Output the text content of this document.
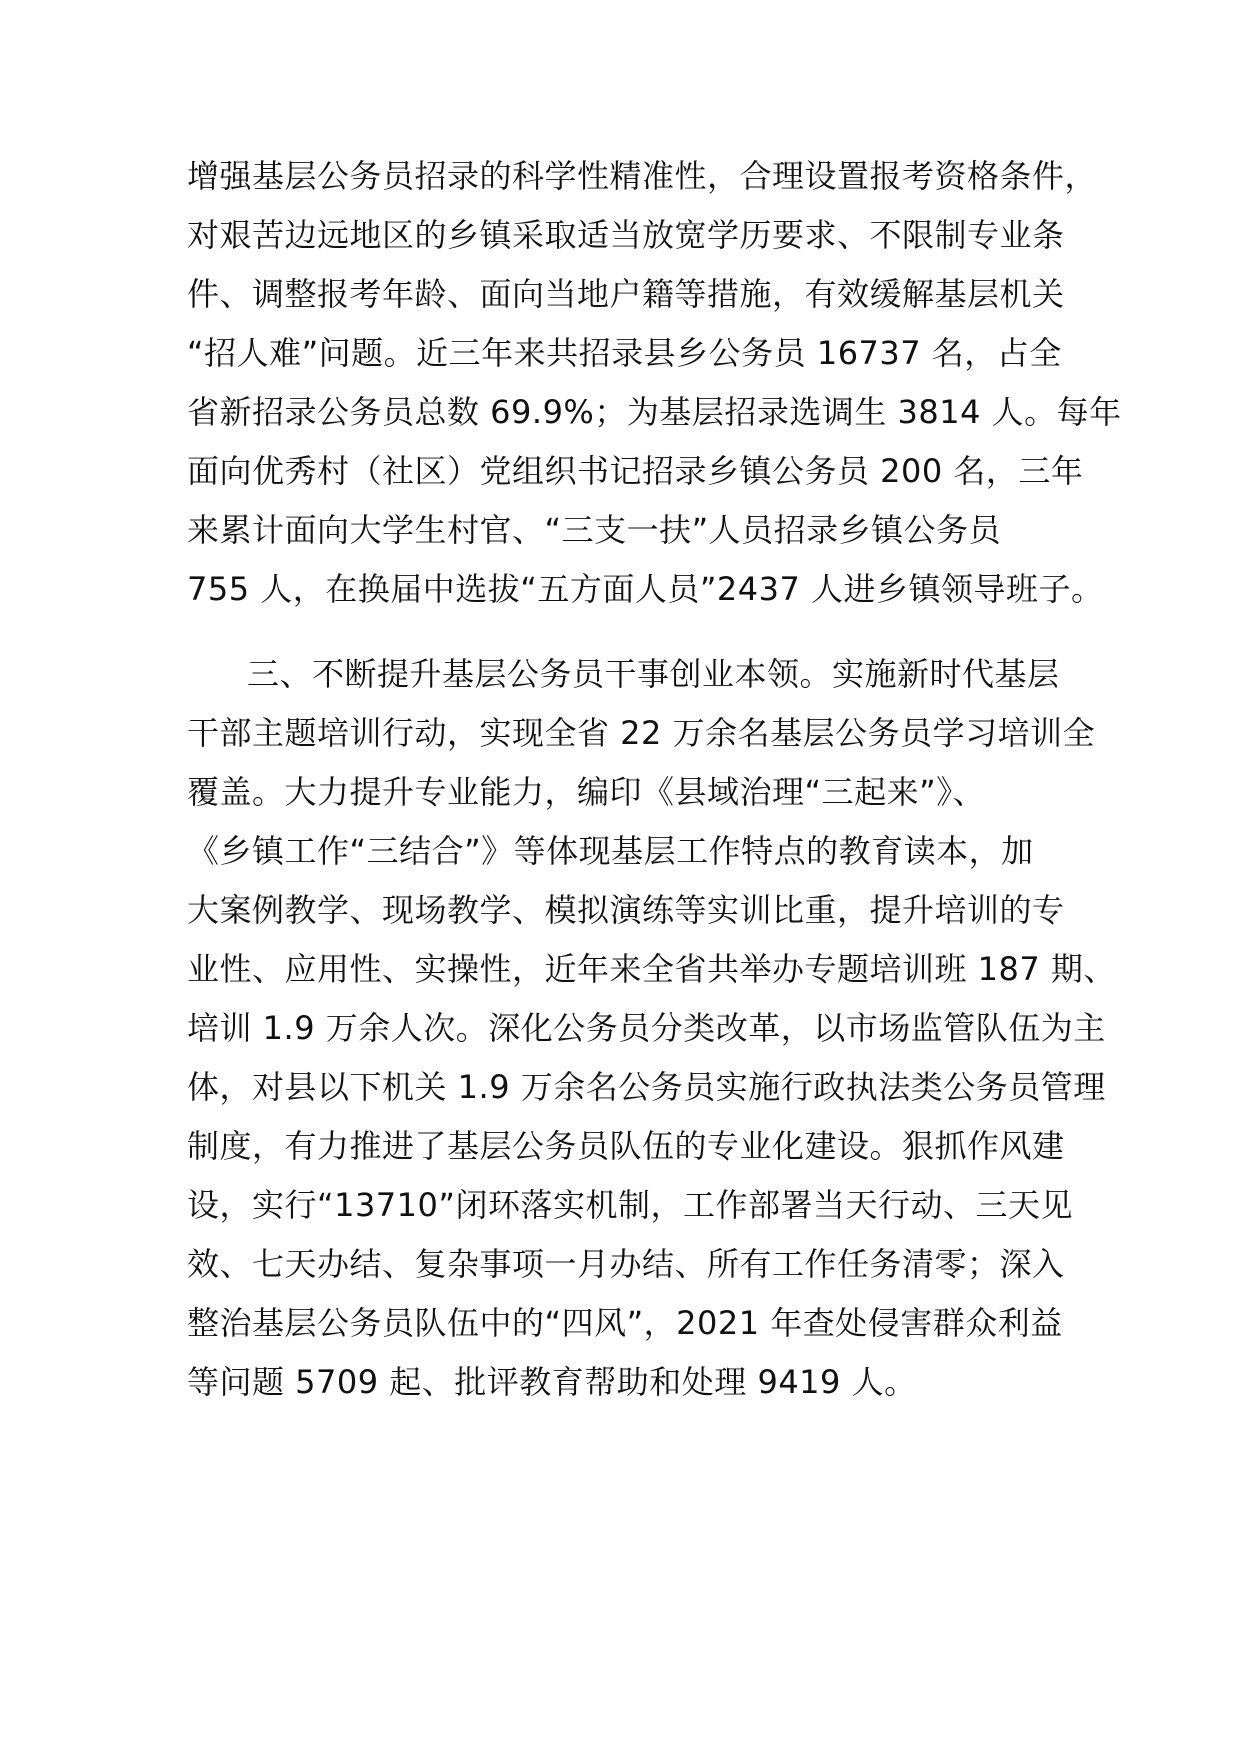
增强基层公务员招录的科学性精准性，合理设置报考资格条件，

对艰苦边远地区的乡镇采取适当放宽学历要求、不限制专业条

件、调整报考年龄、面向当地户籍等措施，有效缓解基层机关

“招人难”问题。近三年来共招录县乡公务员 16737 名，占全

省新招录公务员总数 69.9%；为基层招录选调生 3814 人。每年

面向优秀村（社区）党组织书记招录乡镇公务员 200 名，三年

来累计面向大学生村官、“三支一扶”人员招录乡镇公务员

755 人，在换届中选拔“五方面人员”2437 人进乡镇领导班子。

三、不断提升基层公务员干事创业本领。实施新时代基层

干部主题培训行动，实现全省 22 万余名基层公务员学习培训全

覆盖。大力提升专业能力，编印《县域治理“三起来”》、

《乡镇工作“三结合”》等体现基层工作特点的教育读本，加

大案例教学、现场教学、模拟演练等实训比重，提升培训的专

业性、应用性、实操性，近年来全省共举办专题培训班 187 期、

培训 1.9 万余人次。深化公务员分类改革，以市场监管队伍为主

体，对县以下机关 1.9 万余名公务员实施行政执法类公务员管理

制度，有力推进了基层公务员队伍的专业化建设。狠抓作风建

设，实行“13710”闭环落实机制，工作部署当天行动、三天见

效、七天办结、复杂事项一月办结、所有工作任务清零；深入

整治基层公务员队伍中的“四风”，2021 年查处侵害群众利益

等问题 5709 起、批评教育帮助和处理 9419 人。
